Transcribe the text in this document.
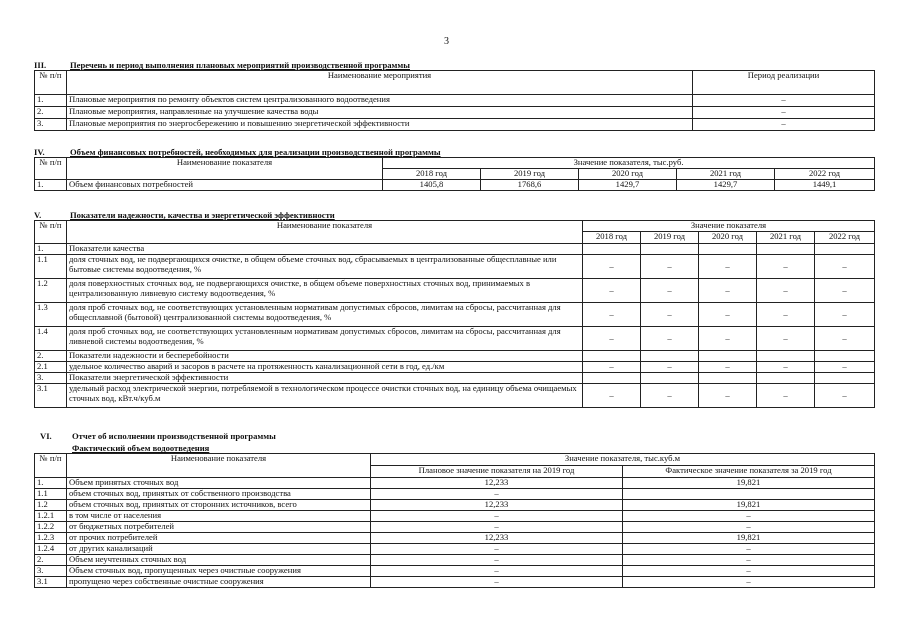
3
III.	Перечень и период выполнения плановых мероприятий производственной программы
№ п/п	Наименование мероприятия	Период реализации
1.	Плановые мероприятия по ремонту объектов систем централизованного водоотведения	–
2.	Плановые мероприятия, направленные на улучшение качества воды	–
3.	Плановые мероприятия по энергосбережению и повышению энергетической эффективности	–
IV.	Объем финансовых потребностей, необходимых для реализации производственной программы
№ п/п	Наименование показателя	Значение показателя, тыс.руб.				
		2018 год	2019 год	2020 год	2021 год	2022 год
1.	Объем финансовых потребностей	1405,8	1768,6	1429,7	1429,7	1449,1
V.	Показатели надежности, качества и энергетической эффективности
№ п/п	Наименование показателя	Значение показателя				
		2018 год	2019 год	2020 год	2021 год	2022 год
1.	Показатели качества					
1.1	доля сточных вод, не подвергающихся очистке, в общем объеме сточных вод, сбрасываемых в централизованные общесплавные или бытовые системы водоотведения, %	–	–	–	–	–
1.2	доля поверхностных сточных вод, не подвергающихся очистке, в общем объеме поверхностных сточных вод, принимаемых в централизованную ливневую систему водоотведения, %	–	–	–	–	–
1.3	доля проб сточных вод, не соответствующих установленным нормативам допустимых сбросов, лимитам на сбросы, рассчитанная для общесплавной (бытовой) централизованной системы водоотведения, %	–	–	–	–	–
1.4	доля проб сточных вод, не соответствующих установленным нормативам допустимых сбросов, лимитам на сбросы, рассчитанная для ливневой системы водоотведения, %	–	–	–	–	–
2.	Показатели надежности и бесперебойности					
2.1	удельное количество аварий и засоров в расчете на протяженность канализационной сети в год, ед./км	–	–	–	–	–
3.	Показатели энергетической эффективности					
3.1	удельный расход электрической энергии, потребляемой в технологическом процессе очистки сточных вод, на единицу объема очищаемых сточных вод, кВт.ч/куб.м	–	–	–	–	–
VI. Отчет об исполнении производственной программы
Фактический объем водоотведения
№ п/п	Наименование показателя	Значение показателя, тыс.куб.м	
		Плановое значение показателя на 2019 год	Фактическое значение показателя за 2019 год
1.	Объем принятых сточных вод	12,233	19,821
1.1	объем сточных вод, принятых от собственного производства	–	
1.2	объем сточных вод, принятых от сторонних источников, всего	12,233	19,821
1.2.1	в том числе от населения	–	–
1.2.2	от бюджетных потребителей	–	–
1.2.3	от прочих потребителей	12,233	19,821
1.2.4	от других канализаций	–	–
2.	Объем неучтенных сточных вод	–	–
3.	Объем сточных вод, пропущенных через очистные сооружения	–	–
3.1	пропущено через собственные очистные сооружения	–	–
